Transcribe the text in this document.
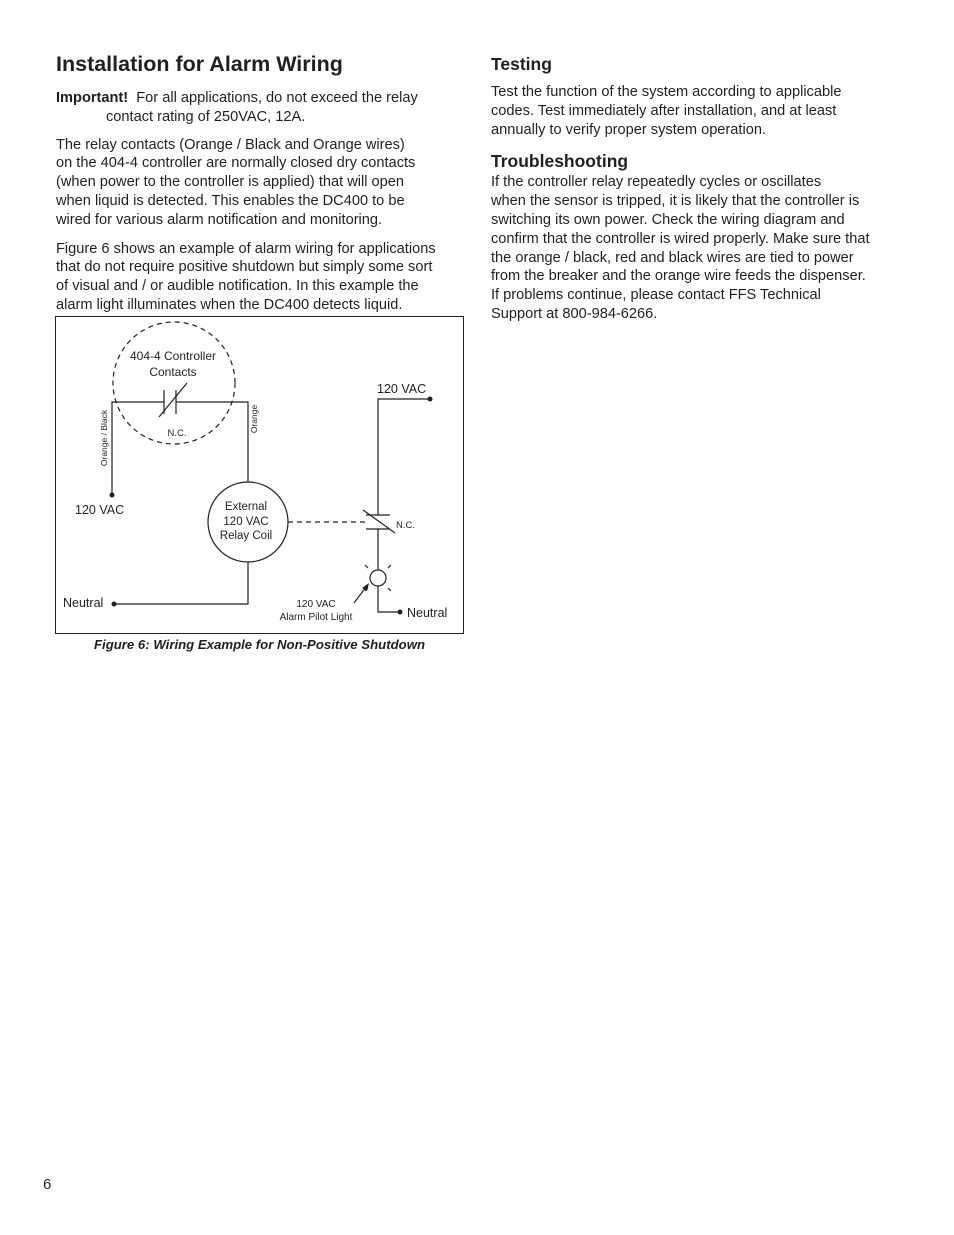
Installation for Alarm Wiring

Important! For all applications, do not exceed the relay
contact rating of 250VAC, 12A.

The relay contacts (Orange / Black and Orange wires)
on the 404-4 controller are normally closed dry contacts
(when power to the controller is applied) that will open
when liquid is detected. This enables the DC400 to be
wired for various alarm notification and monitoring.

Figure 6 shows an example of alarm wiring for applications
that do not require positive shutdown but simply some sort
of visual and / or audible notification. In this example the
alarm light illuminates when the DC400 detects liquid.

404-4 Controller
Contacts
N.C.
Orange / Black	Orange
120 VAC
120 VAC	External
120 VAC
Relay Coil
N.C.
Neutral	120 VAC
Alarm Pilot Light	Neutral
Figure 6: Wiring Example for Non-Positive Shutdown
Testing

Test the function of the system according to applicable
codes. Test immediately after installation, and at least
annually to verify proper system operation.

Troubleshooting

If the controller relay repeatedly cycles or oscillates
when the sensor is tripped, it is likely that the controller is
switching its own power. Check the wiring diagram and
confirm that the controller is wired properly. Make sure that
the orange / black, red and black wires are tied to power
from the breaker and the orange wire feeds the dispenser.
If problems continue, please contact FFS Technical
Support at 800-984-6266.

6
